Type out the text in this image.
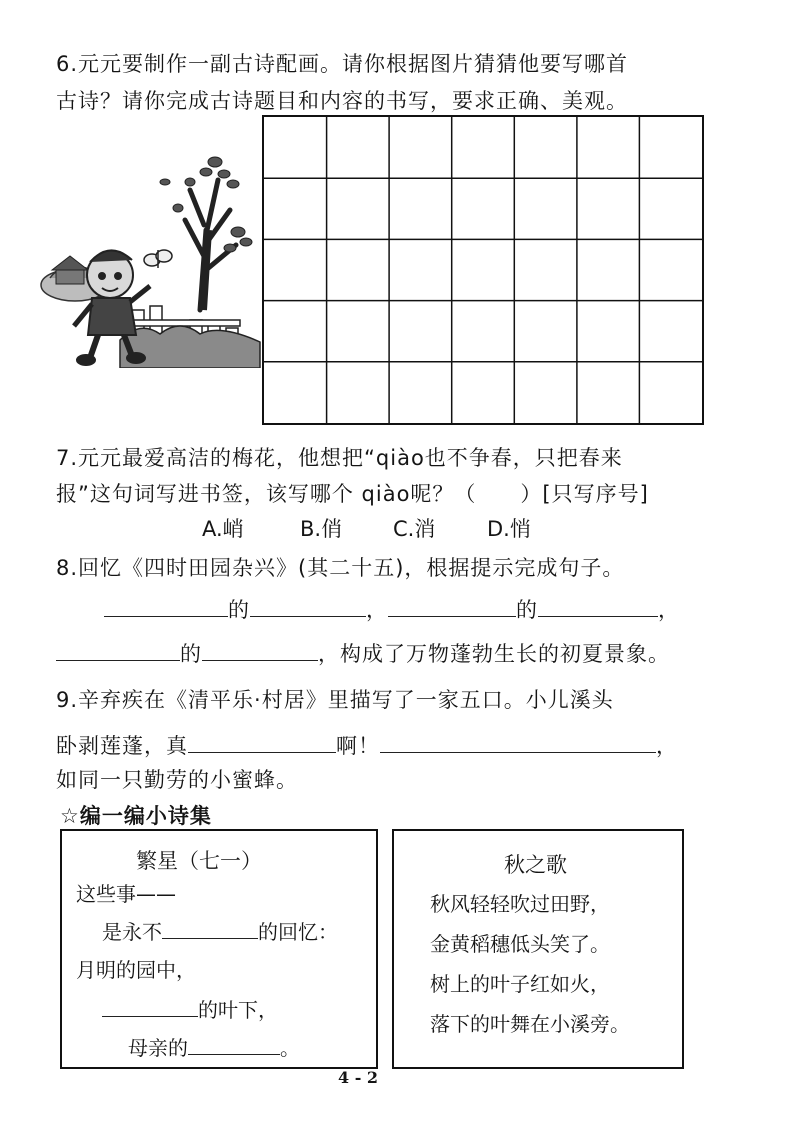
6.元元要制作一副古诗配画。请你根据图片猜猜他要写哪首
古诗？请你完成古诗题目和内容的书写，要求正确、美观。
7.元元最爱高洁的梅花，他想把“qiào也不争春，只把春来
报”这句词写进书签，该写哪个 qiào呢？（　　）[只写序号]
A.峭	B.俏 C.消 D.悄
8.回忆《四时田园杂兴》(其二十五)，根据提示完成句子。
的	，	的	，
的	，构成了万物蓬勃生长的初夏景象。
9.辛弃疾在《清平乐·村居》里描写了一家五口。小儿溪头
卧剥莲蓬，真	啊！	，
如同一只勤劳的小蜜蜂。
☆编一编小诗集
繁星（七一）
这些事——
是永不	的回忆：
月明的园中，
的叶下，
母亲的	。
秋之歌
秋风轻轻吹过田野，
金黄稻穗低头笑了。
树上的叶子红如火，
落下的叶舞在小溪旁。
4 - 2
